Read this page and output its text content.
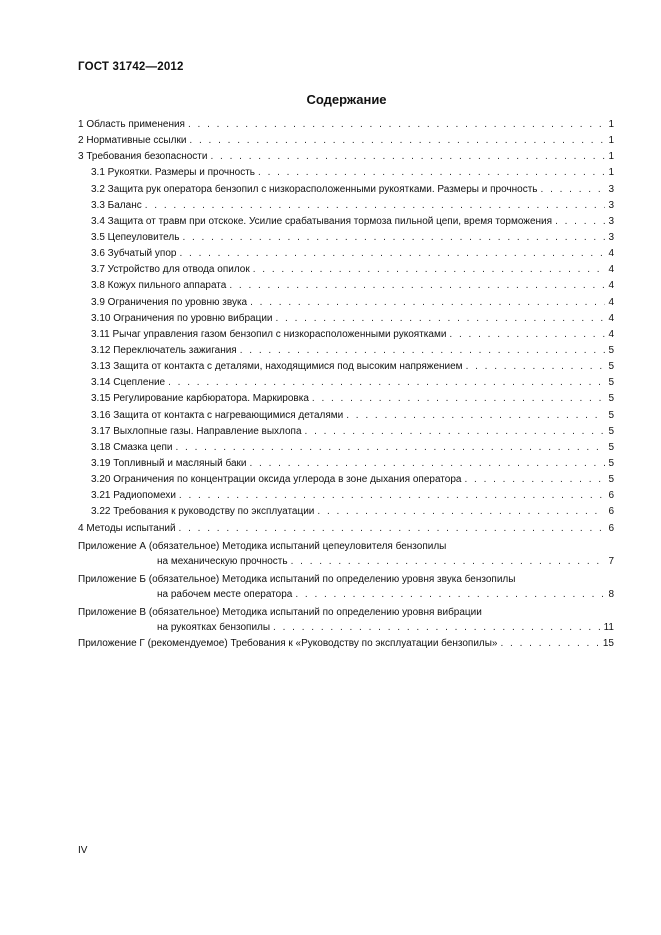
ГОСТ 31742—2012
Содержание
1 Область применения . . .	1
2 Нормативные ссылки . . .	1
3 Требования безопасности . . .	1
3.1 Рукоятки. Размеры и прочность . . .	1
3.2 Защита рук оператора бензопил с низкорасположенными рукоятками. Размеры и прочность . . .	3
3.3 Баланс . . .	3
3.4 Защита от травм при отскоке. Усилие срабатывания тормоза пильной цепи, время торможения . . .	3
3.5 Цепеуловитель . . .	3
3.6 Зубчатый упор . . .	4
3.7 Устройство для отвода опилок . . .	4
3.8 Кожух пильного аппарата . . .	4
3.9 Ограничения по уровню звука . . .	4
3.10 Ограничения по уровню вибрации . . .	4
3.11 Рычаг управления газом бензопил с низкорасположенными рукоятками . . .	4
3.12 Переключатель зажигания . . .	5
3.13 Защита от контакта с деталями, находящимися под высоким напряжением . . .	5
3.14 Сцепление . . .	5
3.15 Регулирование карбюратора. Маркировка . . .	5
3.16 Защита от контакта с нагревающимися деталями . . .	5
3.17 Выхлопные газы. Направление выхлопа . . .	5
3.18 Смазка цепи . . .	5
3.19 Топливный и масляный баки . . .	5
3.20 Ограничения по концентрации оксида углерода в зоне дыхания оператора . . .	5
3.21 Радиопомехи . . .	6
3.22 Требования к руководству по эксплуатации . . .	6
4 Методы испытаний . . .	6
Приложение А (обязательное) Методика испытаний цепеуловителя бензопилы
на механическую прочность . . .	7
Приложение Б (обязательное) Методика испытаний по определению уровня звука бензопилы
на рабочем месте оператора . . .	8
Приложение В (обязательное) Методика испытаний по определению уровня вибрации
на рукоятках бензопилы . . .	11
Приложение Г (рекомендуемое) Требования к «Руководству по эксплуатации бензопилы» . . .	15
IV
